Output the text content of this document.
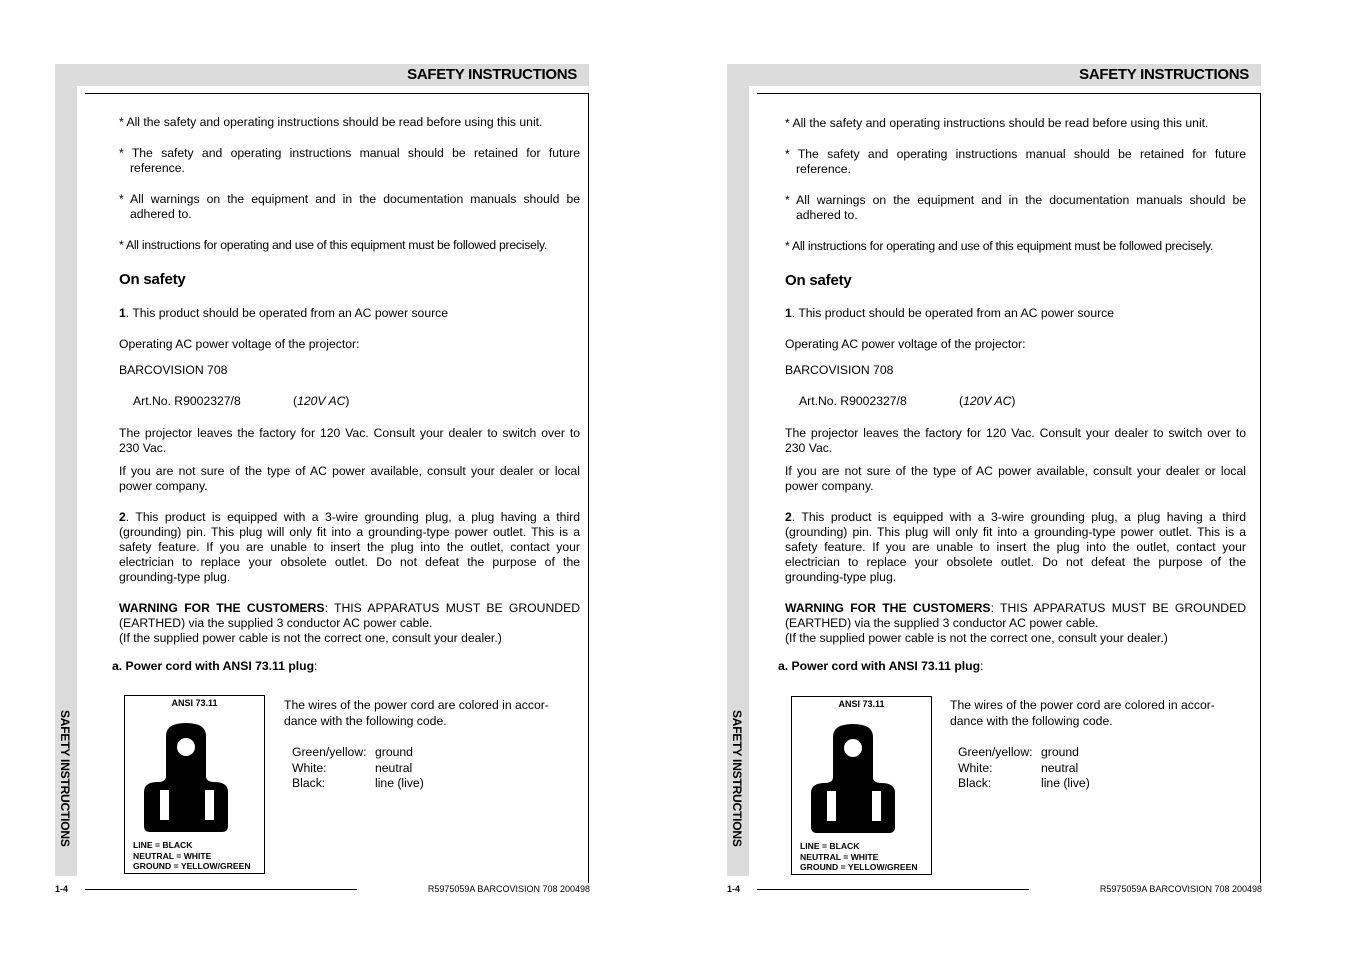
SAFETY INSTRUCTIONS
SAFETY INSTRUCTIONS

* All the safety and operating instructions should be read before using this unit.

* The safety and operating instructions manual should be retained for future reference.

* All warnings on the equipment and in the documentation manuals should be adhered to.

* All instructions for operating and use of this equipment must be followed precisely.

On safety

1. This product should be operated from an AC power source

Operating AC power voltage of the projector:

BARCOVISION 708

Art.No. R9002327/8	(120V AC)

The projector leaves the factory for 120 Vac. Consult your dealer to switch over to 230 Vac.

If you are not sure of the type of AC power available, consult your dealer or local power company.

2. This product is equipped with a 3-wire grounding plug, a plug having a third (grounding) pin. This plug will only fit into a grounding-type power outlet. This is a safety feature. If you are unable to insert the plug into the outlet, contact your electrician to replace your obsolete outlet. Do not defeat the purpose of the grounding-type plug.

WARNING FOR THE CUSTOMERS: THIS APPARATUS MUST BE GROUNDED (EARTHED) via the supplied 3 conductor AC power cable.

(If the supplied power cable is not the correct one, consult your dealer.)

a. Power cord with ANSI 73.11 plug:
ANSI 73.11
LINE = BLACK
NEUTRAL = WHITE
GROUND = YELLOW/GREEN
The wires of the power cord are colored in accor-dance with the following code.
Green/yellow: ground
White:	neutral
Black:	line (live)
1-4	R5975059A BARCOVISION 708 200498
SAFETY INSTRUCTIONS
SAFETY INSTRUCTIONS

* All the safety and operating instructions should be read before using this unit.

* The safety and operating instructions manual should be retained for future reference.

* All warnings on the equipment and in the documentation manuals should be adhered to.

* All instructions for operating and use of this equipment must be followed precisely.

On safety

1. This product should be operated from an AC power source

Operating AC power voltage of the projector:

BARCOVISION 708

Art.No. R9002327/8	(120V AC)

The projector leaves the factory for 120 Vac. Consult your dealer to switch over to 230 Vac.

If you are not sure of the type of AC power available, consult your dealer or local power company.

2. This product is equipped with a 3-wire grounding plug, a plug having a third (grounding) pin. This plug will only fit into a grounding-type power outlet. This is a safety feature. If you are unable to insert the plug into the outlet, contact your electrician to replace your obsolete outlet. Do not defeat the purpose of the grounding-type plug.

WARNING FOR THE CUSTOMERS: THIS APPARATUS MUST BE GROUNDED (EARTHED) via the supplied 3 conductor AC power cable.

(If the supplied power cable is not the correct one, consult your dealer.)

a. Power cord with ANSI 73.11 plug:
ANSI 73.11
LINE = BLACK
NEUTRAL = WHITE
GROUND = YELLOW/GREEN
The wires of the power cord are colored in accor-dance with the following code.
Green/yellow: ground
White:	neutral
Black:	line (live)
1-4	R5975059A BARCOVISION 708 200498
